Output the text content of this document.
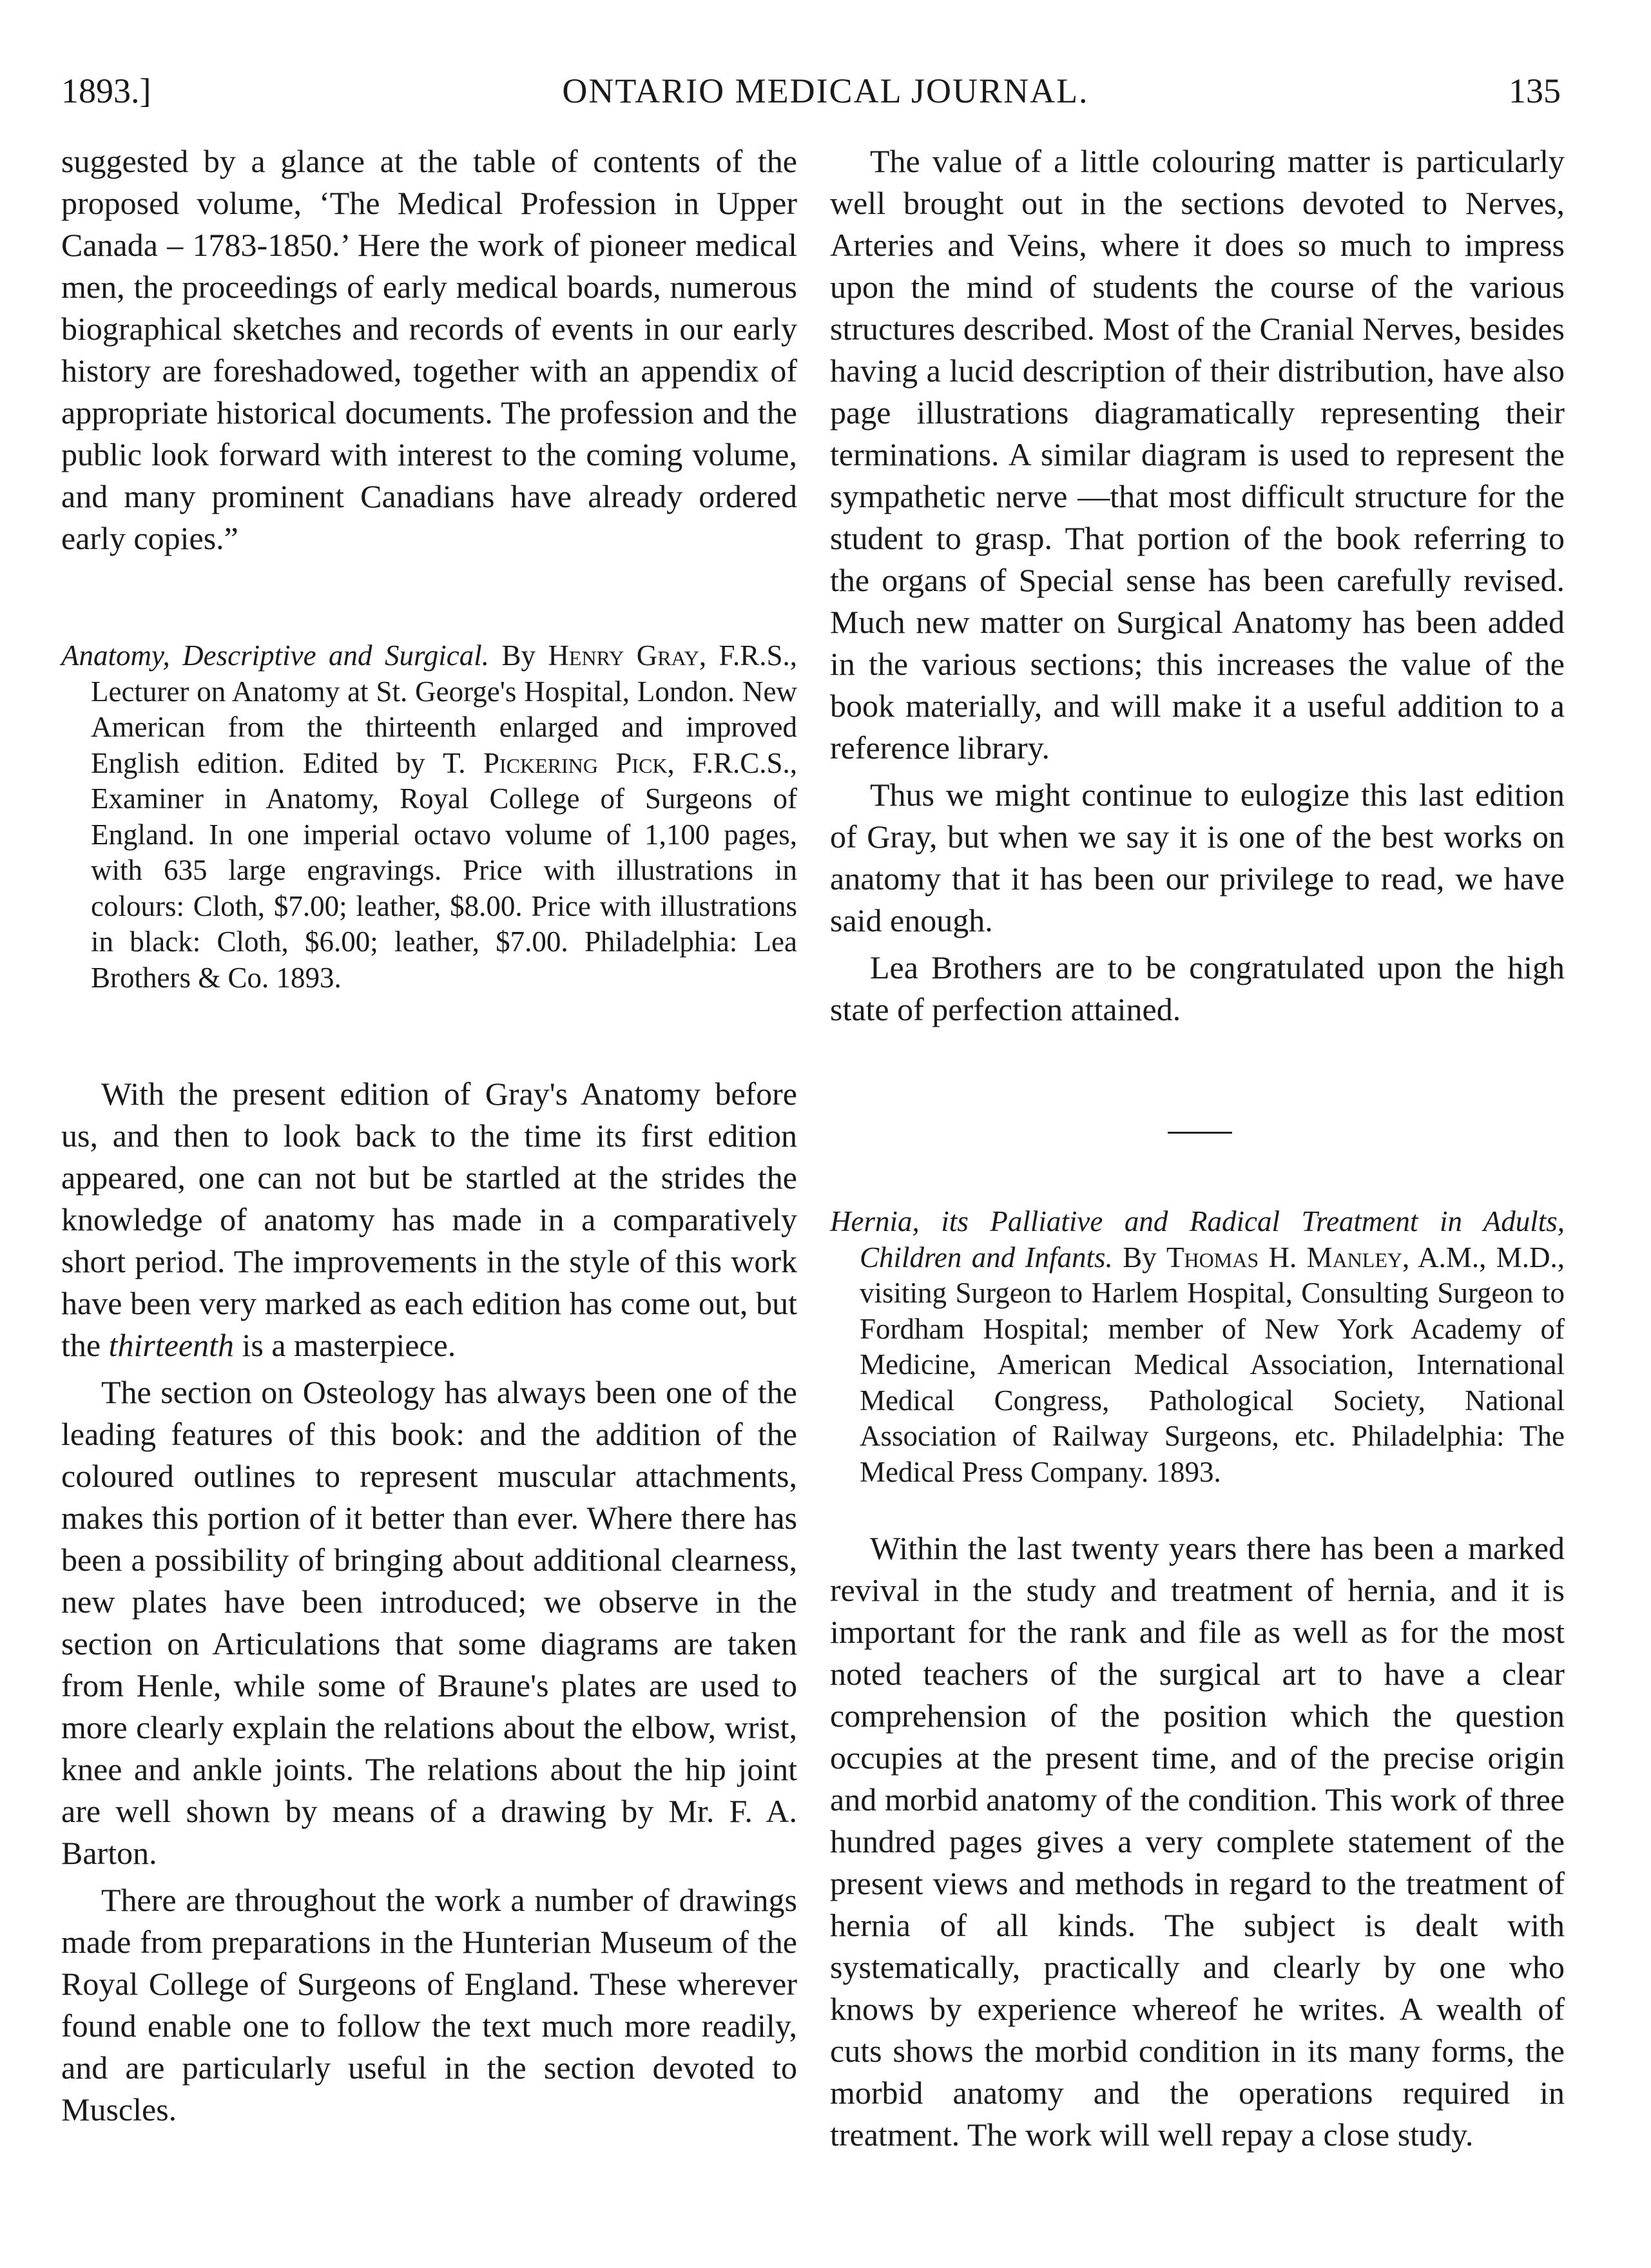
1893.]	ONTARIO MEDICAL JOURNAL.	135

suggested by a glance at the table of contents of the proposed volume, ‘The Medical Profession in Upper Canada – 1783-1850.’ Here the work of pioneer medical men, the proceedings of early medical boards, numerous biographical sketches and records of events in our early history are foreshadowed, together with an appendix of appropriate historical documents. The profession and the public look forward with interest to the coming volume, and many prominent Canadians have already ordered early copies.”

Anatomy, Descriptive and Surgical. By Henry Gray, F.R.S., Lecturer on Anatomy at St. George's Hospital, London. New American from the thirteenth enlarged and improved English edition. Edited by T. Pickering Pick, F.R.C.S., Examiner in Anatomy, Royal College of Surgeons of England. In one imperial octavo volume of 1,100 pages, with 635 large engravings. Price with illustrations in colours: Cloth, $7.00; leather, $8.00. Price with illustrations in black: Cloth, $6.00; leather, $7.00. Philadelphia: Lea Brothers & Co. 1893.

With the present edition of Gray's Anatomy before us, and then to look back to the time its first edition appeared, one can not but be startled at the strides the knowledge of anatomy has made in a comparatively short period. The improvements in the style of this work have been very marked as each edition has come out, but the thirteenth is a masterpiece.

The section on Osteology has always been one of the leading features of this book: and the addition of the coloured outlines to represent muscular attachments, makes this portion of it better than ever. Where there has been a possibility of bringing about additional clearness, new plates have been introduced; we observe in the section on Articulations that some diagrams are taken from Henle, while some of Braune's plates are used to more clearly explain the relations about the elbow, wrist, knee and ankle joints. The relations about the hip joint are well shown by means of a drawing by Mr. F. A. Barton.

There are throughout the work a number of drawings made from preparations in the Hunterian Museum of the Royal College of Surgeons of England. These wherever found enable one to follow the text much more readily, and are particularly useful in the section devoted to Muscles.

The value of a little colouring matter is particularly well brought out in the sections devoted to Nerves, Arteries and Veins, where it does so much to impress upon the mind of students the course of the various structures described. Most of the Cranial Nerves, besides having a lucid description of their distribution, have also page illustrations diagramatically representing their terminations. A similar diagram is used to represent the sympathetic nerve —that most difficult structure for the student to grasp. That portion of the book referring to the organs of Special sense has been carefully revised. Much new matter on Surgical Anatomy has been added in the various sections; this increases the value of the book materially, and will make it a useful addition to a reference library.

Thus we might continue to eulogize this last edition of Gray, but when we say it is one of the best works on anatomy that it has been our privilege to read, we have said enough.

Lea Brothers are to be congratulated upon the high state of perfection attained.

Hernia, its Palliative and Radical Treatment in Adults, Children and Infants. By Thomas H. Manley, A.M., M.D., visiting Surgeon to Harlem Hospital, Consulting Surgeon to Fordham Hospital; member of New York Academy of Medicine, American Medical Association, International Medical Congress, Pathological Society, National Association of Railway Surgeons, etc. Philadelphia: The Medical Press Company. 1893.

Within the last twenty years there has been a marked revival in the study and treatment of hernia, and it is important for the rank and file as well as for the most noted teachers of the surgical art to have a clear comprehension of the position which the question occupies at the present time, and of the precise origin and morbid anatomy of the condition. This work of three hundred pages gives a very complete statement of the present views and methods in regard to the treatment of hernia of all kinds. The subject is dealt with systematically, practically and clearly by one who knows by experience whereof he writes. A wealth of cuts shows the morbid condition in its many forms, the morbid anatomy and the operations required in treatment. The work will well repay a close study.
